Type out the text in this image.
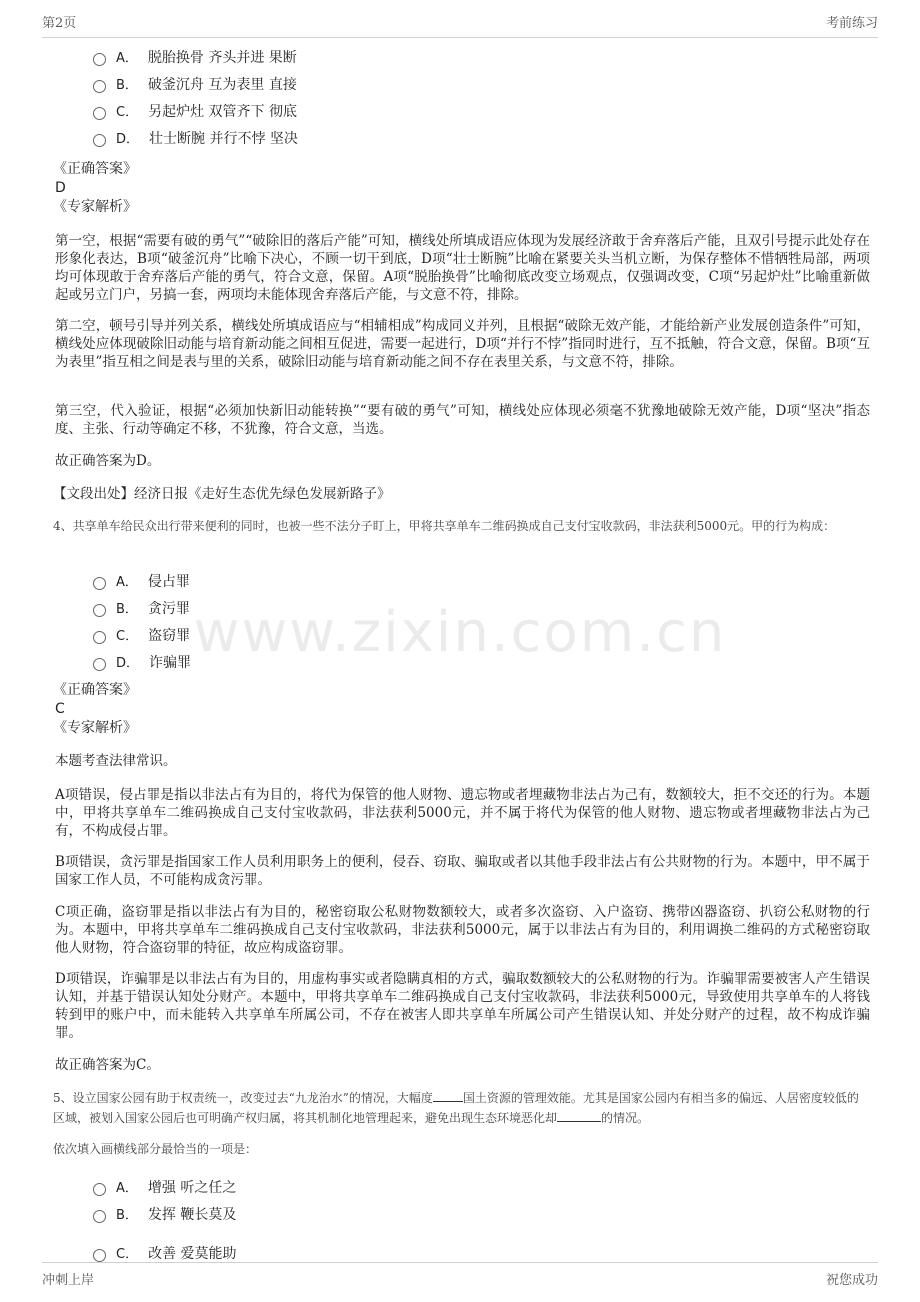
第2页	考前练习
www.zixin.com.cn
A． 脱胎换骨 齐头并进 果断
B． 破釜沉舟 互为表里 直接
C． 另起炉灶 双管齐下 彻底
D． 壮士断腕 并行不悖 坚决
《正确答案》
D
《专家解析》

第一空，根据“需要有破的勇气”“破除旧的落后产能”可知，横线处所填成语应体现为发展经济敢于舍弃落后产能，且双引号提示此处存在形象化表达，B项“破釜沉舟”比喻下决心，不顾一切干到底，D项“壮士断腕”比喻在紧要关头当机立断，为保存整体不惜牺牲局部，两项均可体现敢于舍弃落后产能的勇气，符合文意，保留。A项“脱胎换骨”比喻彻底改变立场观点，仅强调改变，C项“另起炉灶”比喻重新做起或另立门户，另搞一套，两项均未能体现舍弃落后产能，与文意不符，排除。

第二空，顿号引导并列关系，横线处所填成语应与“相辅相成”构成同义并列，且根据“破除无效产能，才能给新产业发展创造条件”可知，横线处应体现破除旧动能与培育新动能之间相互促进，需要一起进行，D项“并行不悖”指同时进行，互不抵触，符合文意，保留。B项“互为表里”指互相之间是表与里的关系，破除旧动能与培育新动能之间不存在表里关系，与文意不符，排除。

第三空，代入验证，根据“必须加快新旧动能转换”“要有破的勇气”可知，横线处应体现必须毫不犹豫地破除无效产能，D项“坚决”指态度、主张、行动等确定不移，不犹豫，符合文意，当选。

故正确答案为D。

【文段出处】经济日报《走好生态优先绿色发展新路子》

4、共享单车给民众出行带来便利的同时，也被一些不法分子盯上，甲将共享单车二维码换成自己支付宝收款码，非法获利5000元。甲的行为构成：

A． 侵占罪
B． 贪污罪
C． 盗窃罪
D． 诈骗罪
《正确答案》
C
《专家解析》

本题考查法律常识。

A项错误，侵占罪是指以非法占有为目的，将代为保管的他人财物、遗忘物或者埋藏物非法占为己有，数额较大，拒不交还的行为。本题中，甲将共享单车二维码换成自己支付宝收款码，非法获利5000元，并不属于将代为保管的他人财物、遗忘物或者埋藏物非法占为己有，不构成侵占罪。

B项错误，贪污罪是指国家工作人员利用职务上的便利，侵吞、窃取、骗取或者以其他手段非法占有公共财物的行为。本题中，甲不属于国家工作人员，不可能构成贪污罪。

C项正确，盗窃罪是指以非法占有为目的，秘密窃取公私财物数额较大，或者多次盗窃、入户盗窃、携带凶器盗窃、扒窃公私财物的行为。本题中，甲将共享单车二维码换成自己支付宝收款码，非法获利5000元，属于以非法占有为目的，利用调换二维码的方式秘密窃取他人财物，符合盗窃罪的特征，故应构成盗窃罪。

D项错误，诈骗罪是以非法占有为目的，用虚构事实或者隐瞒真相的方式，骗取数额较大的公私财物的行为。诈骗罪需要被害人产生错误认知，并基于错误认知处分财产。本题中，甲将共享单车二维码换成自己支付宝收款码，非法获利5000元，导致使用共享单车的人将钱转到甲的账户中，而未能转入共享单车所属公司，不存在被害人即共享单车所属公司产生错误认知、并处分财产的过程，故不构成诈骗罪。

故正确答案为C。

5、设立国家公园有助于权责统一，改变过去“九龙治水”的情况，大幅度	国土资源的管理效能。尤其是国家公园内有相当多的偏远、人居密度较低的区域，被划入国家公园后也可明确产权归属，将其机制化地管理起来，避免出现生态环境恶化却	的情况。

依次填入画横线部分最恰当的一项是：

A． 增强 听之任之
B． 发挥 鞭长莫及
C． 改善 爱莫能助
冲刺上岸	祝您成功
